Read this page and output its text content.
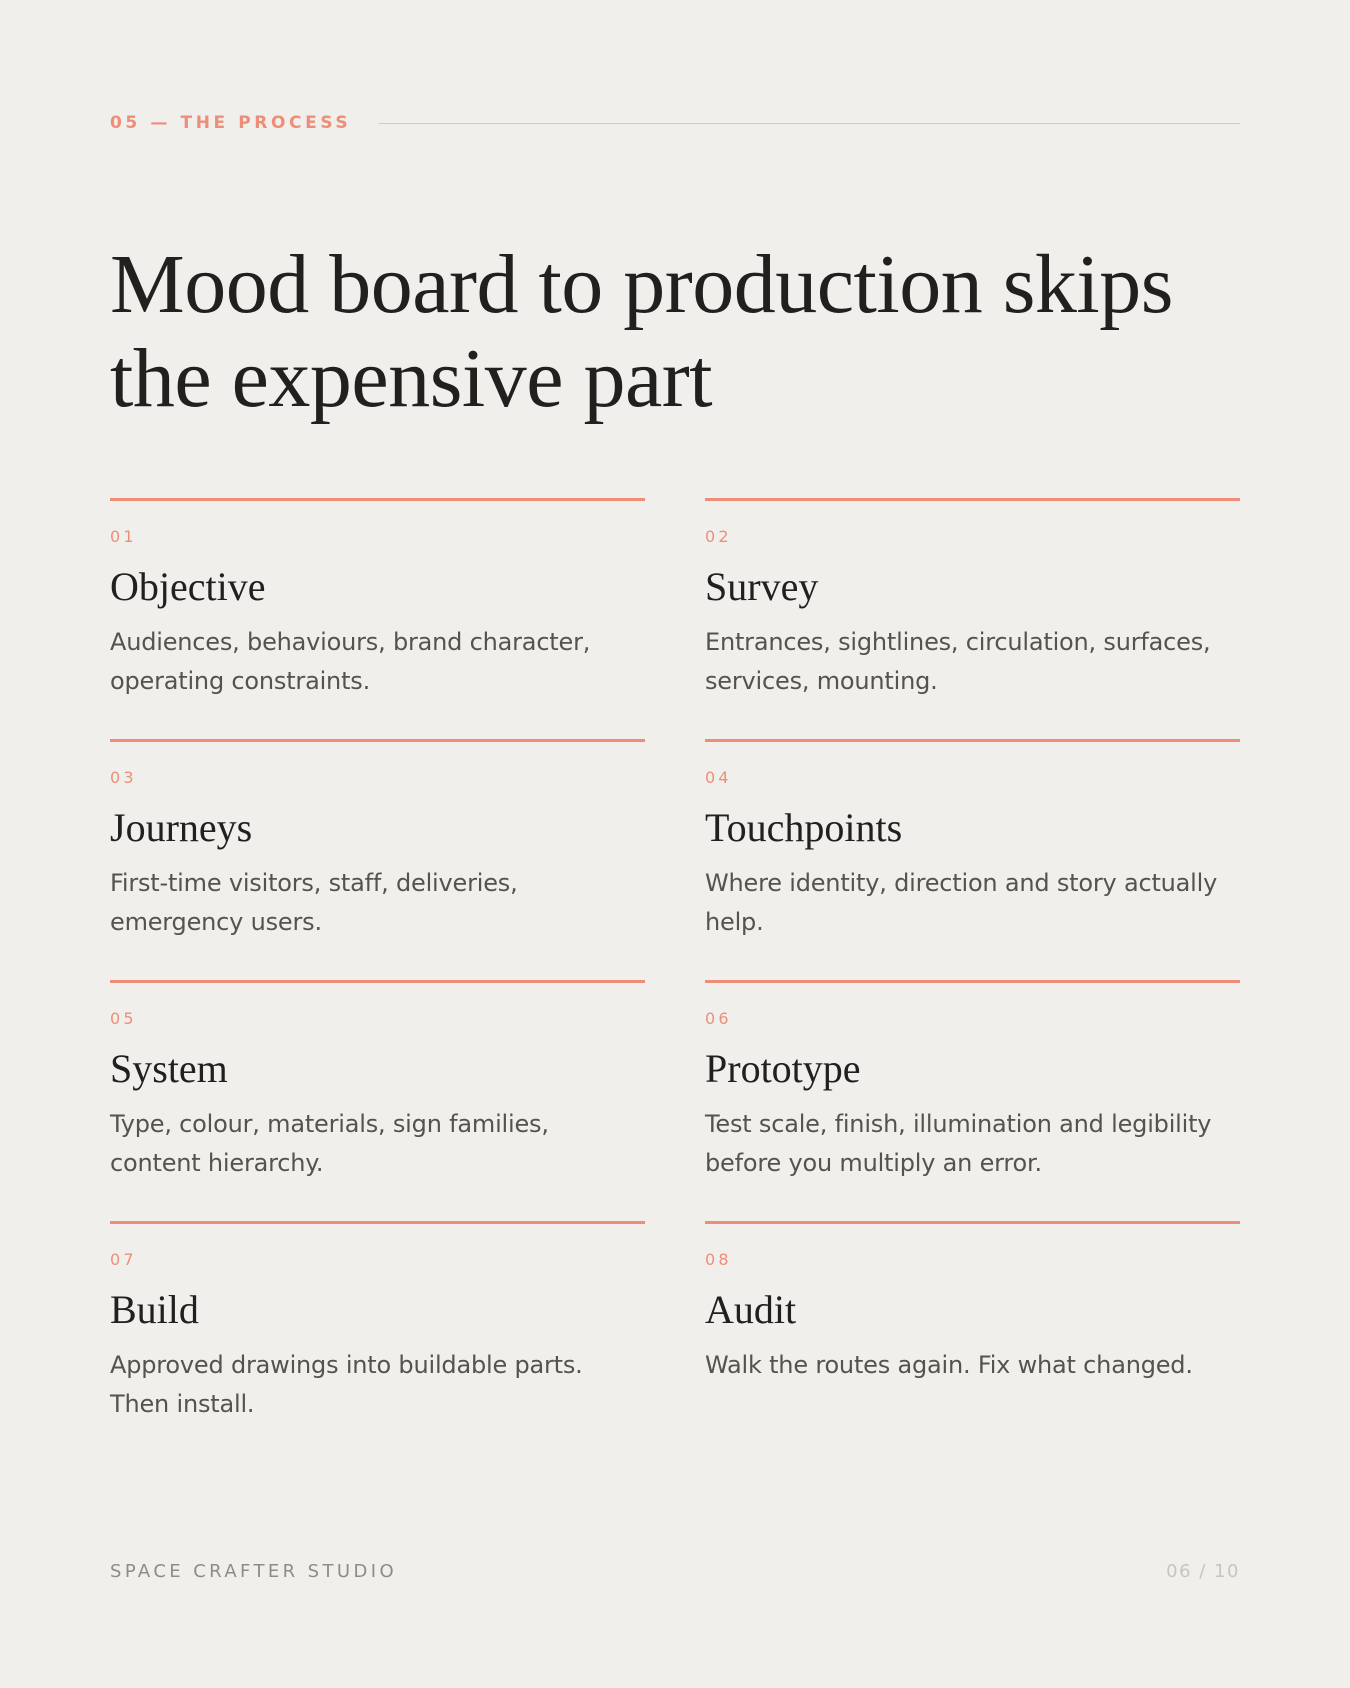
05 — THE PROCESS
Mood board to production skips the expensive part
01
Objective

Audiences, behaviours, brand character, operating constraints.

02
Survey

Entrances, sightlines, circulation, surfaces, services, mounting.

03
Journeys

First-time visitors, staff, deliveries, emergency users.

04
Touchpoints

Where identity, direction and story actually help.

05
System

Type, colour, materials, sign families, content hierarchy.

06
Prototype

Test scale, finish, illumination and legibility before you multiply an error.

07
Build

Approved drawings into buildable parts. Then install.

08
Audit

Walk the routes again. Fix what changed.

SPACE CRAFTER STUDIO	06 / 10
